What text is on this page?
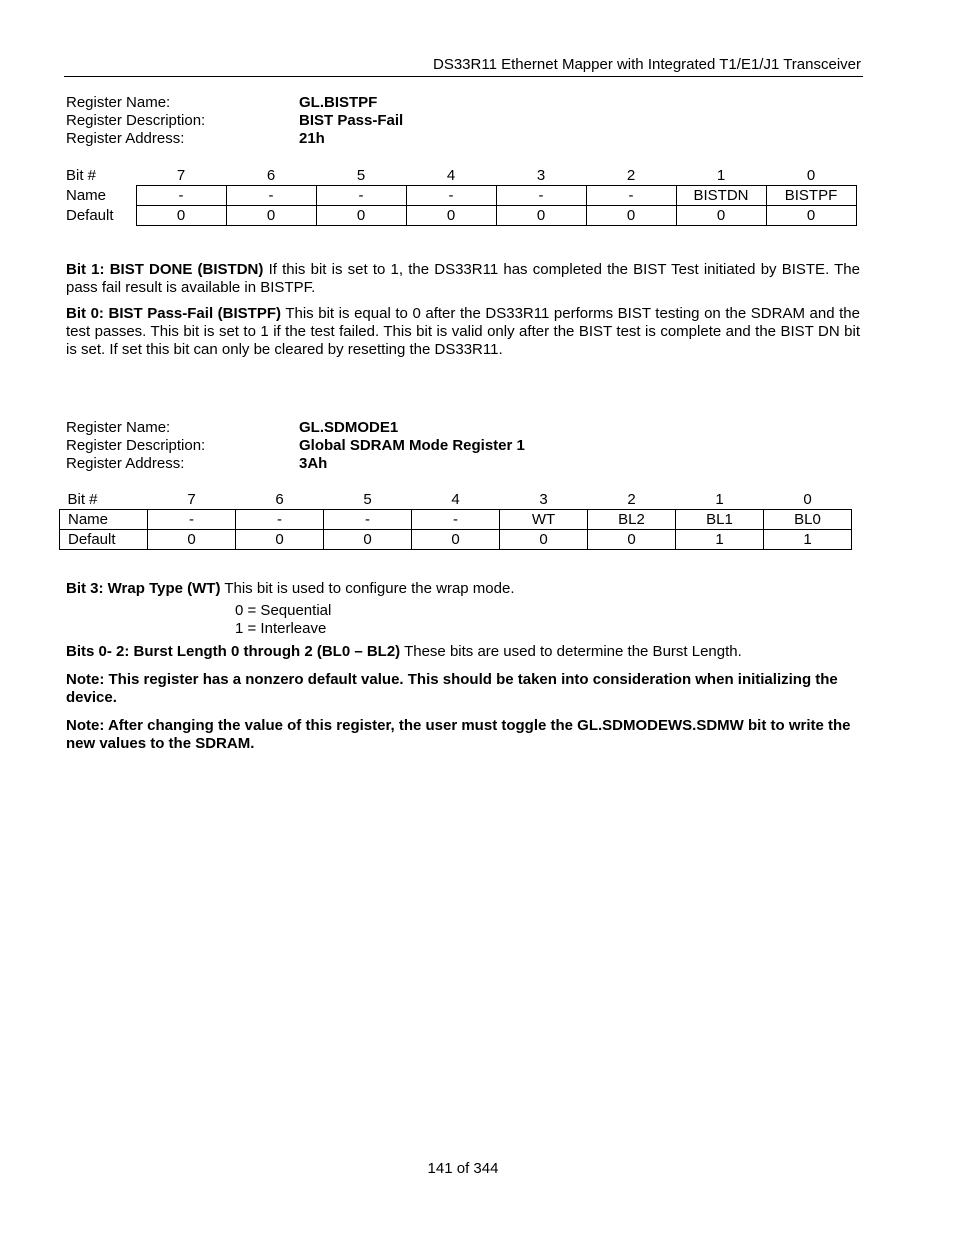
DS33R11 Ethernet Mapper with Integrated T1/E1/J1 Transceiver
Register Name:	GL.BISTPF
Register Description:	BIST Pass-Fail
Register Address:	21h
Bit #	7	6	5	4	3	2	1	0
Name	-	-	-	-	-	-	BISTDN	BISTPF
Default	0	0	0	0	0	0	0	0
Bit 1: BIST DONE (BISTDN) If this bit is set to 1, the DS33R11 has completed the BIST Test initiated by BISTE. The pass fail result is available in BISTPF.
Bit 0: BIST Pass-Fail (BISTPF) This bit is equal to 0 after the DS33R11 performs BIST testing on the SDRAM and the test passes. This bit is set to 1 if the test failed. This bit is valid only after the BIST test is complete and the BIST DN bit is set. If set this bit can only be cleared by resetting the DS33R11.
Register Name:	GL.SDMODE1
Register Description:	Global SDRAM Mode Register 1
Register Address:	3Ah
Bit #	7	6	5	4	3	2	1	0
Name	-	-	-	-	WT	BL2	BL1	BL0
Default	0	0	0	0	0	0	1	1
Bit 3: Wrap Type (WT) This bit is used to configure the wrap mode.
0 = Sequential
1 = Interleave
Bits 0- 2: Burst Length 0 through 2 (BL0 – BL2) These bits are used to determine the Burst Length.
Note: This register has a nonzero default value. This should be taken into consideration when initializing the device.
Note: After changing the value of this register, the user must toggle the GL.SDMODEWS.SDMW bit to write the new values to the SDRAM.
141 of 344
